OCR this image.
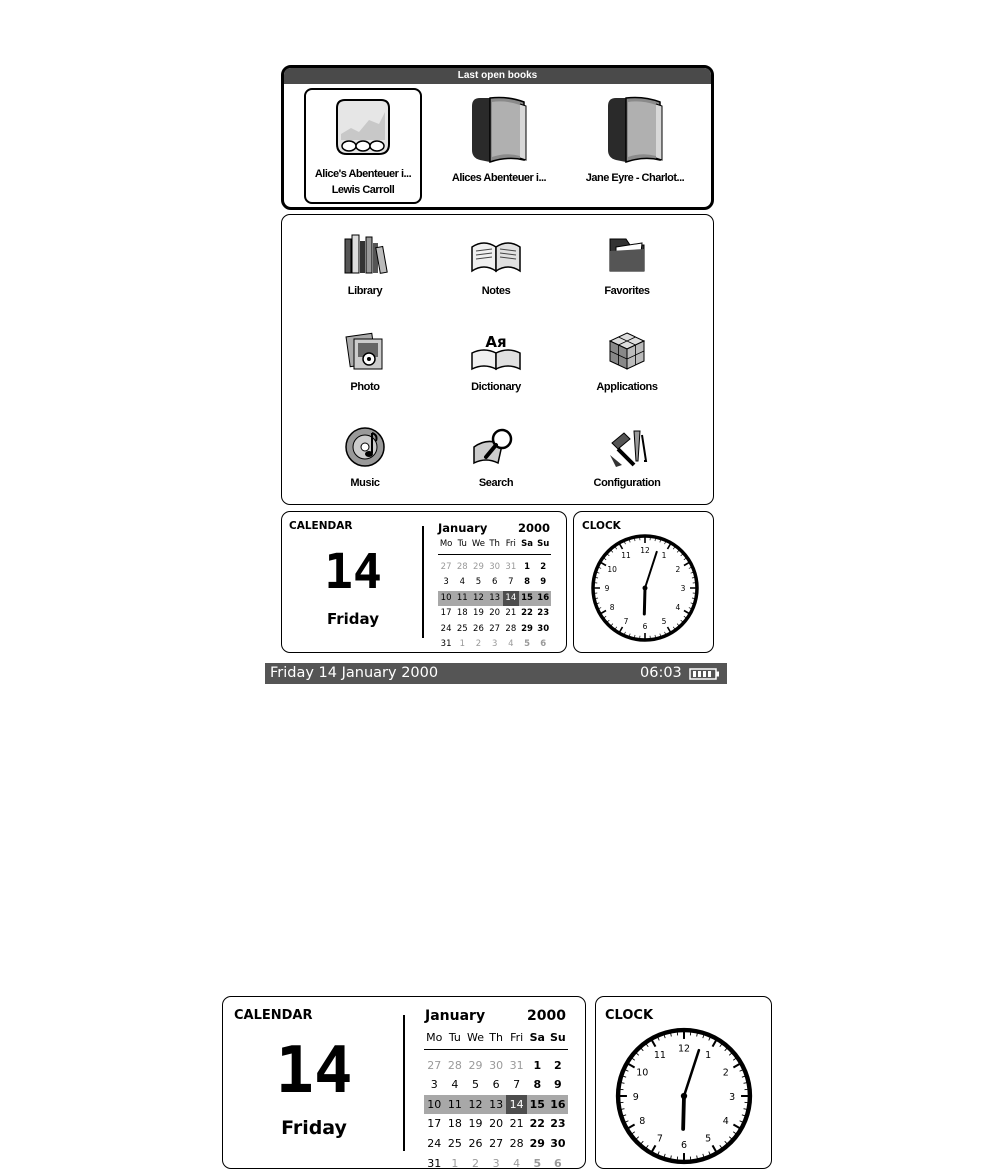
Last open books
Alice's Abenteuer i...
Lewis Carroll
Alices Abenteuer i...	Jane Eyre - Charlot...
Library	Notes	Favorites
Photo
Ая
Dictionary	Applications
Music	Search	Configuration
CALENDAR
14
Friday
January	2000
Mo Tu We Th Fri Sa Su
27 28 29 30 31 1	2
3	4	5	6	7	8	9
10 11 12 13 14 15 16
17 18 19 20 21 22 23
24 25 26 27 28 29 30
31 1	2	3	4	5	6
CLOCK
12
1
2
3
4
5
6
7
8
9
10
11
Friday 14 January 2000	06:03
CALENDAR
14
Friday
January	2000
Mo Tu We Th Fri Sa Su
27 28 29 30 31 1	2
3	4	5	6	7	8	9
10 11 12 13 14 15 16
17 18 19 20 21 22 23
24 25 26 27 28 29 30
31 1	2	3	4	5	6
CLOCK
12
1
2
3
4
5
6
7
8
9
10
11
